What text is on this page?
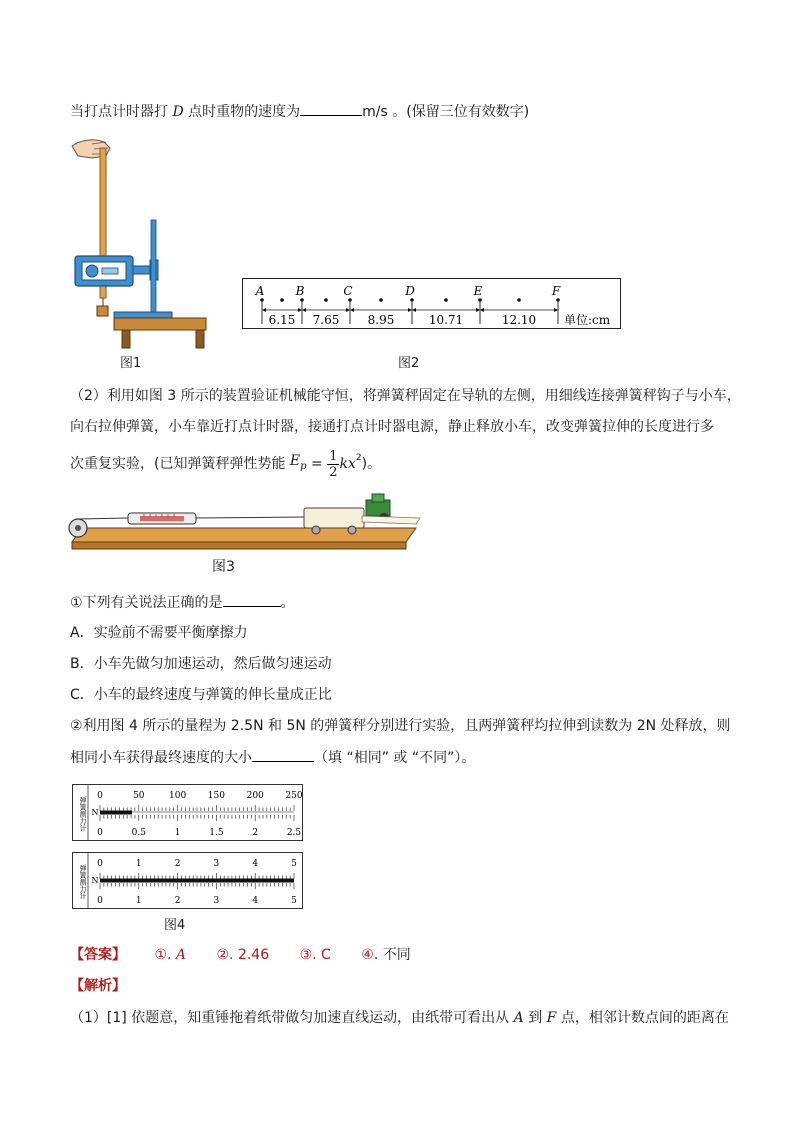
当打点计时器打 D 点时重物的速度为	m/s 。(保留三位有效数字)
A
6.15
B
7.65
C
8.95
D
10.71
E
12.10
F
单位:cm
图1	图2
（2）利用如图 3 所示的装置验证机械能守恒，将弹簧秤固定在导轨的左侧，用细线连接弹簧秤钩子与小车，
向右拉伸弹簧，小车靠近打点计时器，接通打点计时器电源，静止释放小车，改变弹簧拉伸的长度进行多
次重复实验，(已知弹簧秤弹性势能 $E_p = \frac{1}{2} kx^2$)。
图3
①下列有关说法正确的是	。
A．实验前不需要平衡摩擦力
B．小车先做匀加速运动，然后做匀速运动
C．小车的最终速度与弹簧的伸长量成正比
②利用图 4 所示的量程为 2.5N 和 5N 的弹簧秤分别进行实验，且两弹簧秤均拉伸到读数为 2N 处释放，则
相同小车获得最终速度的大小	（填 “相同” 或 “不同”）。
弹簧测力计 N
0	50	100 150 200 250
0	0.5	1	1.5	2	2.5
弹簧测力计 N
0	1	2	3	4	5
0	1	2	3	4	5
图4
【答案】 ①. A ②. 2.46 ③. C ④. 不同
【解析】
（1）[1] 依题意，知重锤拖着纸带做匀加速直线运动，由纸带可看出从 A 到 F 点，相邻计数点间的距离在
